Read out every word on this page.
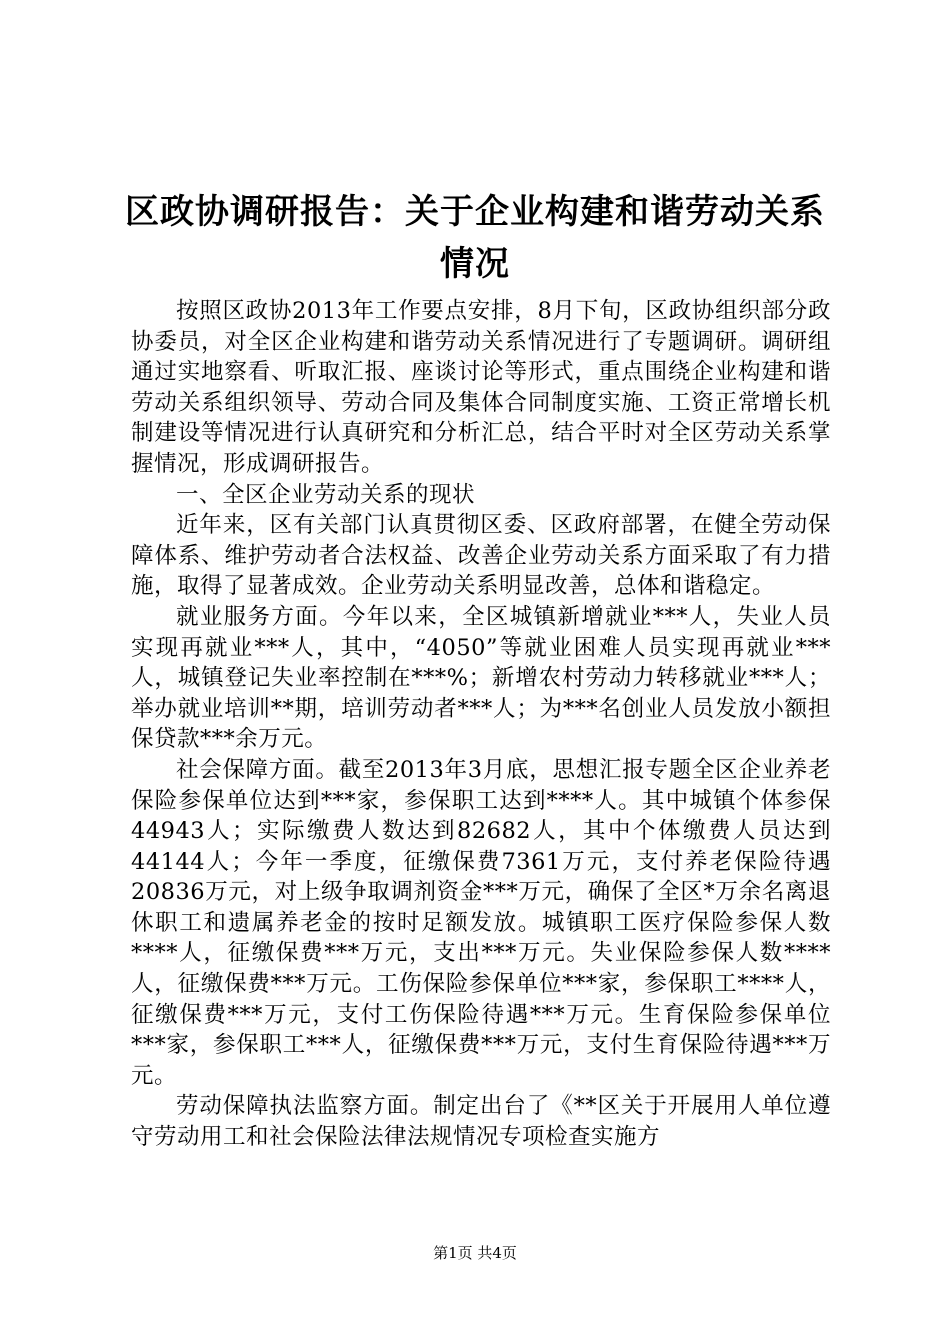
区政协调研报告：关于企业构建和谐劳动关系情况

按照区政协2013年工作要点安排，8月下旬，区政协组织部分政协委员，对全区企业构建和谐劳动关系情况进行了专题调研。调研组通过实地察看、听取汇报、座谈讨论等形式，重点围绕企业构建和谐劳动关系组织领导、劳动合同及集体合同制度实施、工资正常增长机制建设等情况进行认真研究和分析汇总，结合平时对全区劳动关系掌握情况，形成调研报告。

一、全区企业劳动关系的现状

近年来，区有关部门认真贯彻区委、区政府部署，在健全劳动保障体系、维护劳动者合法权益、改善企业劳动关系方面采取了有力措施，取得了显著成效。企业劳动关系明显改善，总体和谐稳定。

就业服务方面。今年以来，全区城镇新增就业***人，失业人员实现再就业***人，其中，“4050”等就业困难人员实现再就业***人，城镇登记失业率控制在***%；新增农村劳动力转移就业***人；举办就业培训**期，培训劳动者***人；为***名创业人员发放小额担保贷款***余万元。

社会保障方面。截至2013年3月底，思想汇报专题全区企业养老保险参保单位达到***家，参保职工达到****人。其中城镇个体参保44943人；实际缴费人数达到82682人，其中个体缴费人员达到44144人；今年一季度，征缴保费7361万元，支付养老保险待遇20836万元，对上级争取调剂资金***万元，确保了全区*万余名离退休职工和遗属养老金的按时足额发放。城镇职工医疗保险参保人数****人，征缴保费***万元，支出***万元。失业保险参保人数****人，征缴保费***万元。工伤保险参保单位***家，参保职工****人，征缴保费***万元，支付工伤保险待遇***万元。生育保险参保单位***家，参保职工***人，征缴保费***万元，支付生育保险待遇***万元。

劳动保障执法监察方面。制定出台了《**区关于开展用人单位遵守劳动用工和社会保险法律法规情况专项检查实施方

第1页 共4页
